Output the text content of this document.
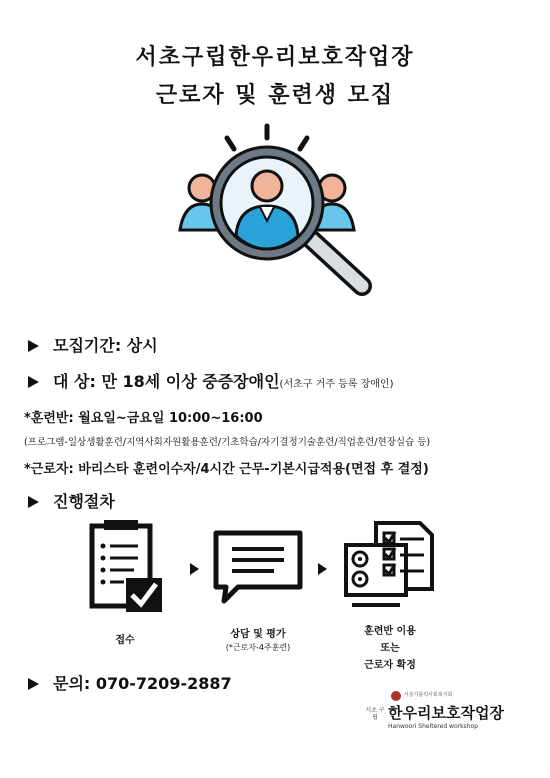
서초구립한우리보호작업장
근로자 및 훈련생 모집
모집기간: 상시
대 상: 만 18세 이상 중증장애인(서초구 거주 등록 장애인)
*훈련반: 월요일~금요일 10:00~16:00
(프로그램-일상생활훈련/지역사회자원활용훈련/기초학습/자기결정기술훈련/직업훈련/현장실습 등)
*근로자: 바리스타 훈련이수자/4시간 근무-기본시급적용(면접 후 결정)
진행절차
접수
상담 및 평가
(*근로자-4주훈련)
훈련반 이용
또는
근로자 확정
문의: 070-7209-2887
서울가톨릭사회복지회
서초 구립 한우리보호작업장
Hanwoori Sheltered workshop
